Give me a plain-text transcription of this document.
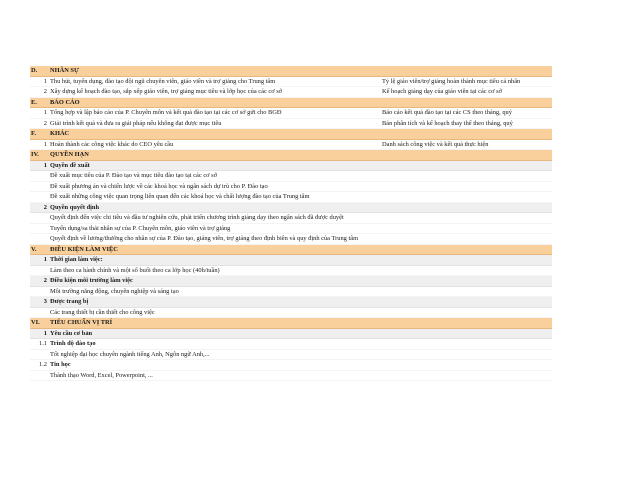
D.	NHÂN SỰ
1 Thu hút, tuyển dụng, đào tạo đội ngũ chuyên viên, giáo viên và trợ giảng cho Trung tâm	Tỷ lệ giáo viên/trợ giảng hoàn thành mục tiêu cá nhân
2 Xây dựng kế hoạch đào tạo, sắp xếp giáo viên, trợ giảng mục tiêu và lớp học của các cơ sở	Kế hoạch giảng dạy của giáo viên tại các cơ sở
E.	BÁO CÁO
1 Tổng hợp và lập báo cáo của P. Chuyên môn và kết quả đào tạo tại các cơ sở gửi cho BGĐ	Báo cáo kết quả đào tạo tại các CS theo tháng, quý
2 Giải trình kết quả và đưa ra giải pháp nếu không đạt được mục tiêu	Bản phân tích và kế hoạch thay thế theo tháng, quý
F.	KHÁC
1 Hoàn thành các công việc khác do CEO yêu cầu	Danh sách công việc và kết quả thực hiện
IV.	QUYỀN HẠN
1 Quyền đề xuất
Đề xuất mục tiêu của P. Đào tạo và mục tiêu đào tạo tại các cơ sở
Đề xuất phương án và chiến lược về các khoá học và ngân sách dự trù cho P. Đào tạo
Đề xuất những công việc quan trọng liên quan đến các khoá học và chất lượng đào tạo của Trung tâm
2 Quyền quyết định
Quyết định đến việc chi tiêu và đầu tư nghiên cứu, phát triển chương trình giảng dạy theo ngân sách đã được duyệt
Tuyển dụng/sa thải nhân sự của P. Chuyên môn, giáo viên và trợ giảng
Quyết định về lương/thưởng cho nhân sự của P. Đào tạo, giảng viên, trợ giảng theo định biên và quy định của Trung tâm
V.	ĐIỀU KIỆN LÀM VIỆC
1 Thời gian làm việc:
Làm theo ca hành chính và một số buổi theo ca lớp học (40h/tuần)
2 Điều kiện môi trường làm việc
Môi trường năng động, chuyên nghiệp và sáng tạo
3 Được trang bị
Các trang thiết bị cần thiết cho công việc
VI.	TIÊU CHUẨN VỊ TRÍ
1 Yêu cầu cơ bản
1.1 Trình độ đào tạo
Tốt nghiệp đại học chuyên ngành tiếng Anh, Ngôn ngữ Anh,...
1.2 Tin học
Thành thạo Word, Excel, Powerpoint, ...
